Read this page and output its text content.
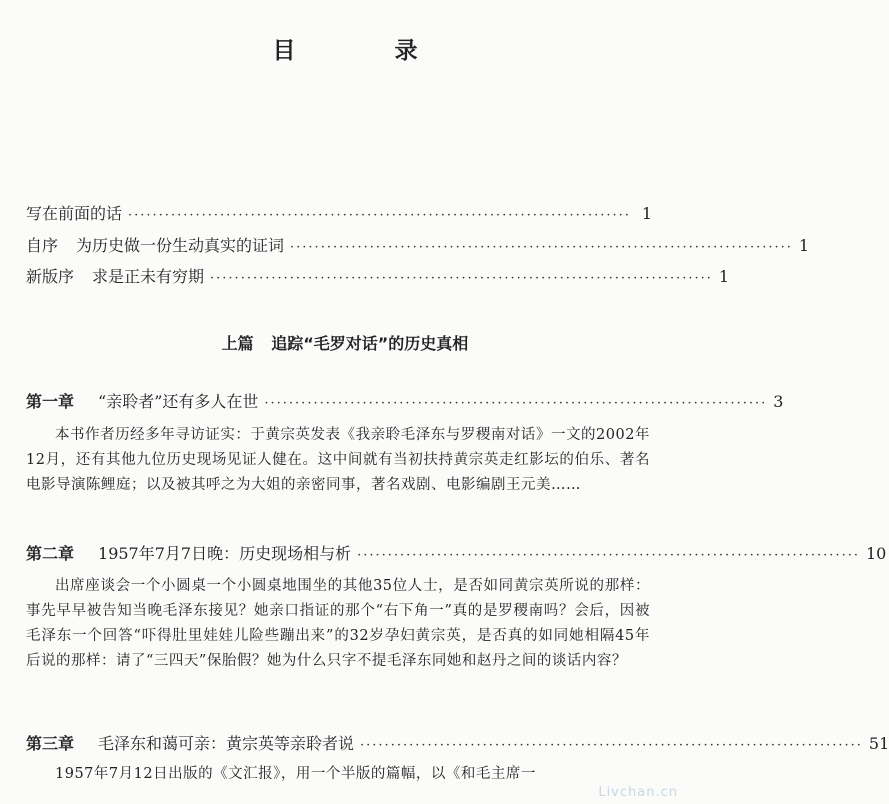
目　录
写在前面的话 ·················································································· 1
自序 为历史做一份生动真实的证词 ·················································································· 1
新版序 求是正未有穷期 ·················································································· 1
上篇 追踪“毛罗对话”的历史真相
第一章 “亲聆者”还有多人在世 ·················································································· 3
本书作者历经多年寻访证实：于黄宗英发表《我亲聆毛泽东与罗稷南对话》一文的2002年12月，还有其他九位历史现场见证人健在。这中间就有当初扶持黄宗英走红影坛的伯乐、著名电影导演陈鲤庭；以及被其呼之为大姐的亲密同事，著名戏剧、电影编剧王元美……
第二章 1957年7月7日晚：历史现场相与析 ·················································································· 10
出席座谈会一个小圆桌一个小圆桌地围坐的其他35位人士，是否如同黄宗英所说的那样：事先早早被告知当晚毛泽东接见？她亲口指证的那个“右下角一”真的是罗稷南吗？会后，因被毛泽东一个回答“吓得肚里娃娃儿险些蹦出来”的32岁孕妇黄宗英，是否真的如同她相隔45年后说的那样：请了“三四天”保胎假？她为什么只字不提毛泽东同她和赵丹之间的谈话内容？
第三章 毛泽东和蔼可亲：黄宗英等亲聆者说 ·················································································· 51
1957年7月12日出版的《文汇报》，用一个半版的篇幅，以《和毛主席一
Livchan.cn
